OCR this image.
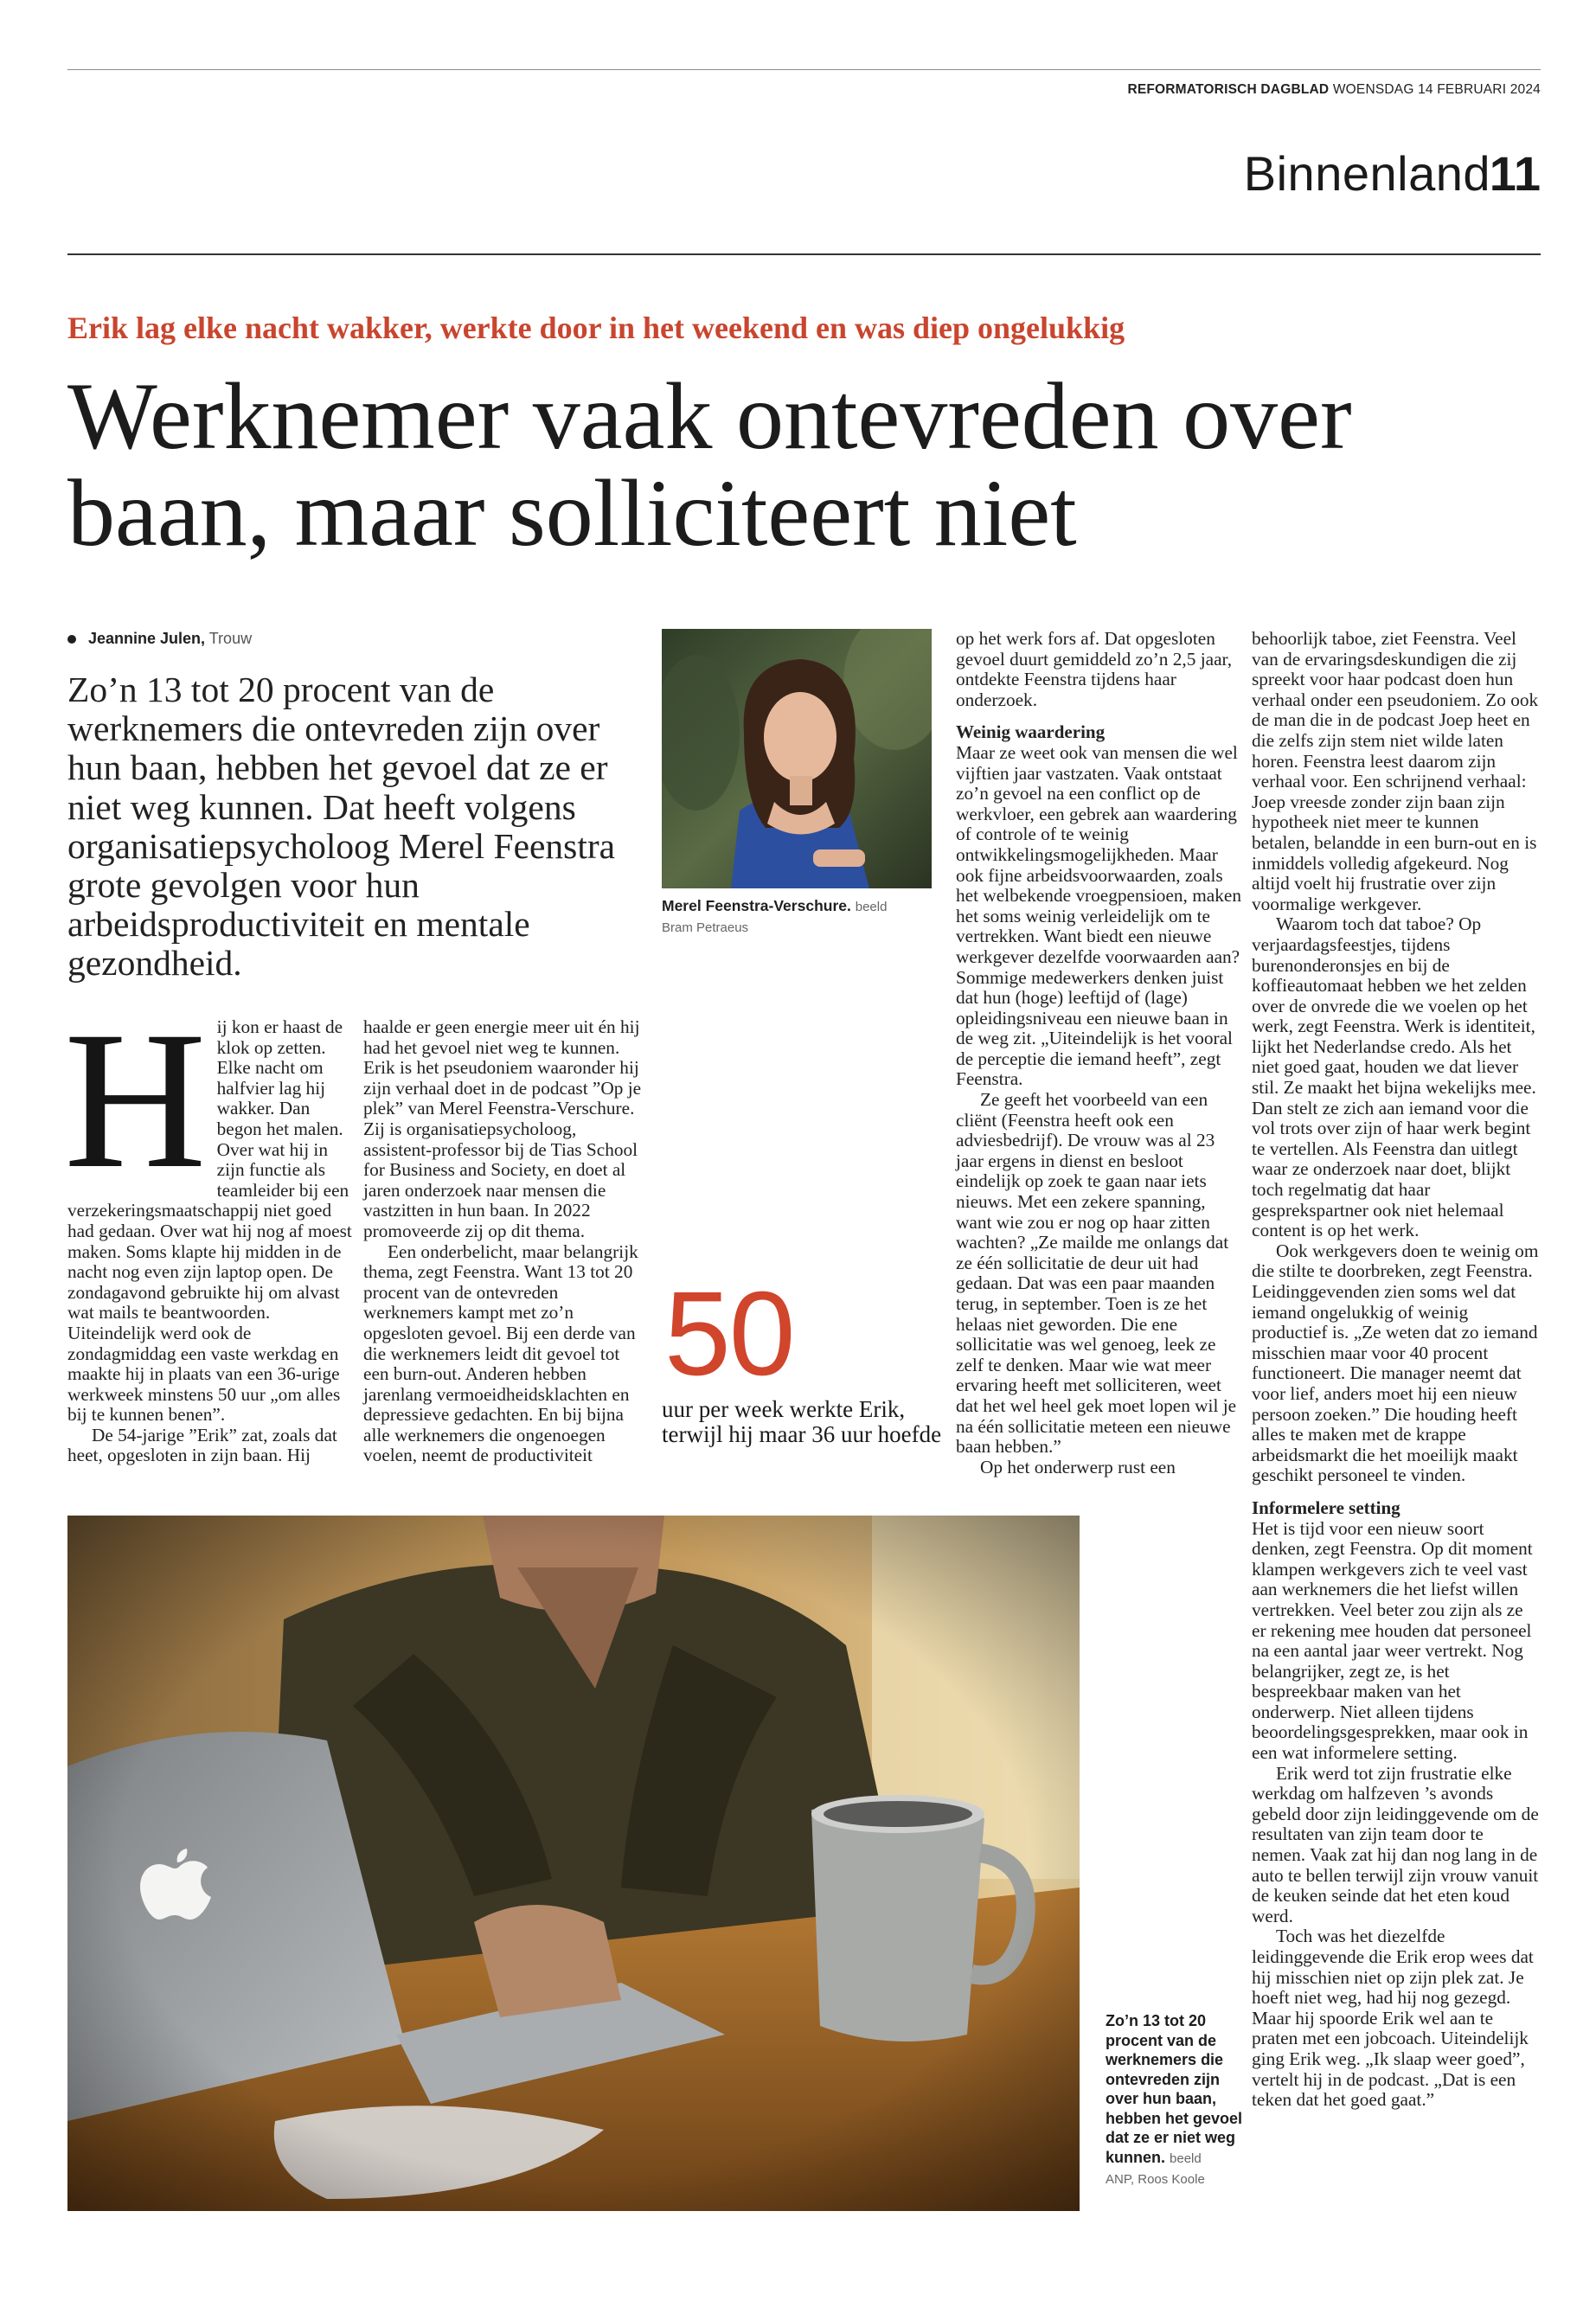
REFORMATORISCH DAGBLAD WOENSDAG 14 FEBRUARI 2024
Binnenland
11
Erik lag elke nacht wakker, werkte door in het weekend en was diep ongelukkig
Werknemer vaak ontevreden over baan, maar solliciteert niet
Jeannine Julen, Trouw
Zo’n 13 tot 20 procent van de werknemers die ontevreden zijn over hun baan, hebben het gevoel dat ze er niet weg kunnen. Dat heeft volgens organisatiepsycholoog Merel Feenstra grote gevolgen voor hun arbeidsproductiviteit en mentale gezondheid.
H ij kon er haast de klok op zetten. Elke nacht om halfvier lag hij wakker. Dan begon het malen. Over wat hij in zijn functie als teamleider bij een verzekeringsmaatschappij niet goed had gedaan. Over wat hij nog af moest maken. Soms klapte hij midden in de nacht nog even zijn laptop open. De zondagavond gebruikte hij om alvast wat mails te beantwoorden. Uiteindelijk werd ook de zondagmiddag een vaste werkdag en maakte hij in plaats van een 36-urige werkweek minstens 50 uur „om alles bij te kunnen benen”.

De 54-jarige ”Erik” zat, zoals dat heet, opgesloten in zijn baan. Hij

haalde er geen energie meer uit én hij had het gevoel niet weg te kunnen. Erik is het pseudoniem waaronder hij zijn verhaal doet in de podcast ”Op je plek” van Merel Feenstra-Verschure. Zij is organisatiepsycholoog, assistent-professor bij de Tias School for Business and Society, en doet al jaren onderzoek naar mensen die vastzitten in hun baan. In 2022 promoveerde zij op dit thema.

Een onderbelicht, maar belangrijk thema, zegt Feenstra. Want 13 tot 20 procent van de ontevreden werknemers kampt met zo’n opgesloten gevoel. Bij een derde van die werknemers leidt dit gevoel tot een burn-out. Anderen hebben jarenlang vermoeidheidsklachten en depressieve gedachten. En bij bijna alle werknemers die ongenoegen voelen, neemt de productiviteit

Merel Feenstra-Verschure. beeld
Bram Petraeus
50
uur per week werkte Erik, terwijl hij maar 36 uur hoefde

op het werk fors af. Dat opgesloten gevoel duurt gemiddeld zo’n 2,5 jaar, ontdekte Feenstra tijdens haar onderzoek.

Weinig waardering

Maar ze weet ook van mensen die wel vijftien jaar vastzaten. Vaak ontstaat zo’n gevoel na een conflict op de werkvloer, een gebrek aan waardering of controle of te weinig ontwikkelingsmogelijkheden. Maar ook fijne arbeidsvoorwaarden, zoals het welbekende vroegpensioen, maken het soms weinig verleidelijk om te vertrekken. Want biedt een nieuwe werkgever dezelfde voorwaarden aan? Sommige medewerkers denken juist dat hun (hoge) leeftijd of (lage) opleidingsniveau een nieuwe baan in de weg zit. „Uiteindelijk is het vooral de perceptie die iemand heeft”, zegt Feenstra.

Ze geeft het voorbeeld van een cliënt (Feenstra heeft ook een adviesbedrijf). De vrouw was al 23 jaar ergens in dienst en besloot eindelijk op zoek te gaan naar iets nieuws. Met een zekere spanning, want wie zou er nog op haar zitten wachten? „Ze mailde me onlangs dat ze één sollicitatie de deur uit had gedaan. Dat was een paar maanden terug, in september. Toen is ze het helaas niet geworden. Die ene sollicitatie was wel genoeg, leek ze zelf te denken. Maar wie wat meer ervaring heeft met solliciteren, weet dat het wel heel gek moet lopen wil je na één sollicitatie meteen een nieuwe baan hebben.”

Op het onderwerp rust een

behoorlijk taboe, ziet Feenstra. Veel van de ervaringsdeskundigen die zij spreekt voor haar podcast doen hun verhaal onder een pseudoniem. Zo ook de man die in de podcast Joep heet en die zelfs zijn stem niet wilde laten horen. Feenstra leest daarom zijn verhaal voor. Een schrijnend verhaal: Joep vreesde zonder zijn baan zijn hypotheek niet meer te kunnen betalen, belandde in een burn-out en is inmiddels volledig afgekeurd. Nog altijd voelt hij frustratie over zijn voormalige werkgever.

Waarom toch dat taboe? Op verjaardagsfeestjes, tijdens burenonderonsjes en bij de koffieautomaat hebben we het zelden over de onvrede die we voelen op het werk, zegt Feenstra. Werk is identiteit, lijkt het Nederlandse credo. Als het niet goed gaat, houden we dat liever stil. Ze maakt het bijna wekelijks mee. Dan stelt ze zich aan iemand voor die vol trots over zijn of haar werk begint te vertellen. Als Feenstra dan uitlegt waar ze onderzoek naar doet, blijkt toch regelmatig dat haar gesprekspartner ook niet helemaal content is op het werk.

Ook werkgevers doen te weinig om die stilte te doorbreken, zegt Feenstra. Leidinggevenden zien soms wel dat iemand ongelukkig of weinig productief is. „Ze weten dat zo iemand misschien maar voor 40 procent functioneert. Die manager neemt dat voor lief, anders moet hij een nieuw persoon zoeken.” Die houding heeft alles te maken met de krappe arbeidsmarkt die het moeilijk maakt geschikt personeel te vinden.

Informelere setting

Het is tijd voor een nieuw soort denken, zegt Feenstra. Op dit moment klampen werkgevers zich te veel vast aan werknemers die het liefst willen vertrekken. Veel beter zou zijn als ze er rekening mee houden dat personeel na een aantal jaar weer vertrekt. Nog belangrijker, zegt ze, is het bespreekbaar maken van het onderwerp. Niet alleen tijdens beoordelingsgesprekken, maar ook in een wat informelere setting.

Erik werd tot zijn frustratie elke werkdag om halfzeven ’s avonds gebeld door zijn leidinggevende om de resultaten van zijn team door te nemen. Vaak zat hij dan nog lang in de auto te bellen terwijl zijn vrouw vanuit de keuken seinde dat het eten koud werd.

Toch was het diezelfde leidinggevende die Erik erop wees dat hij misschien niet op zijn plek zat. Je hoeft niet weg, had hij nog gezegd. Maar hij spoorde Erik wel aan te praten met een jobcoach. Uiteindelijk ging Erik weg. „Ik slaap weer goed”, vertelt hij in de podcast. „Dat is een teken dat het goed gaat.”

Zo’n 13 tot 20 procent van de werknemers die ontevreden zijn over hun baan, hebben het gevoel dat ze er niet weg kunnen. beeld
ANP, Roos Koole
